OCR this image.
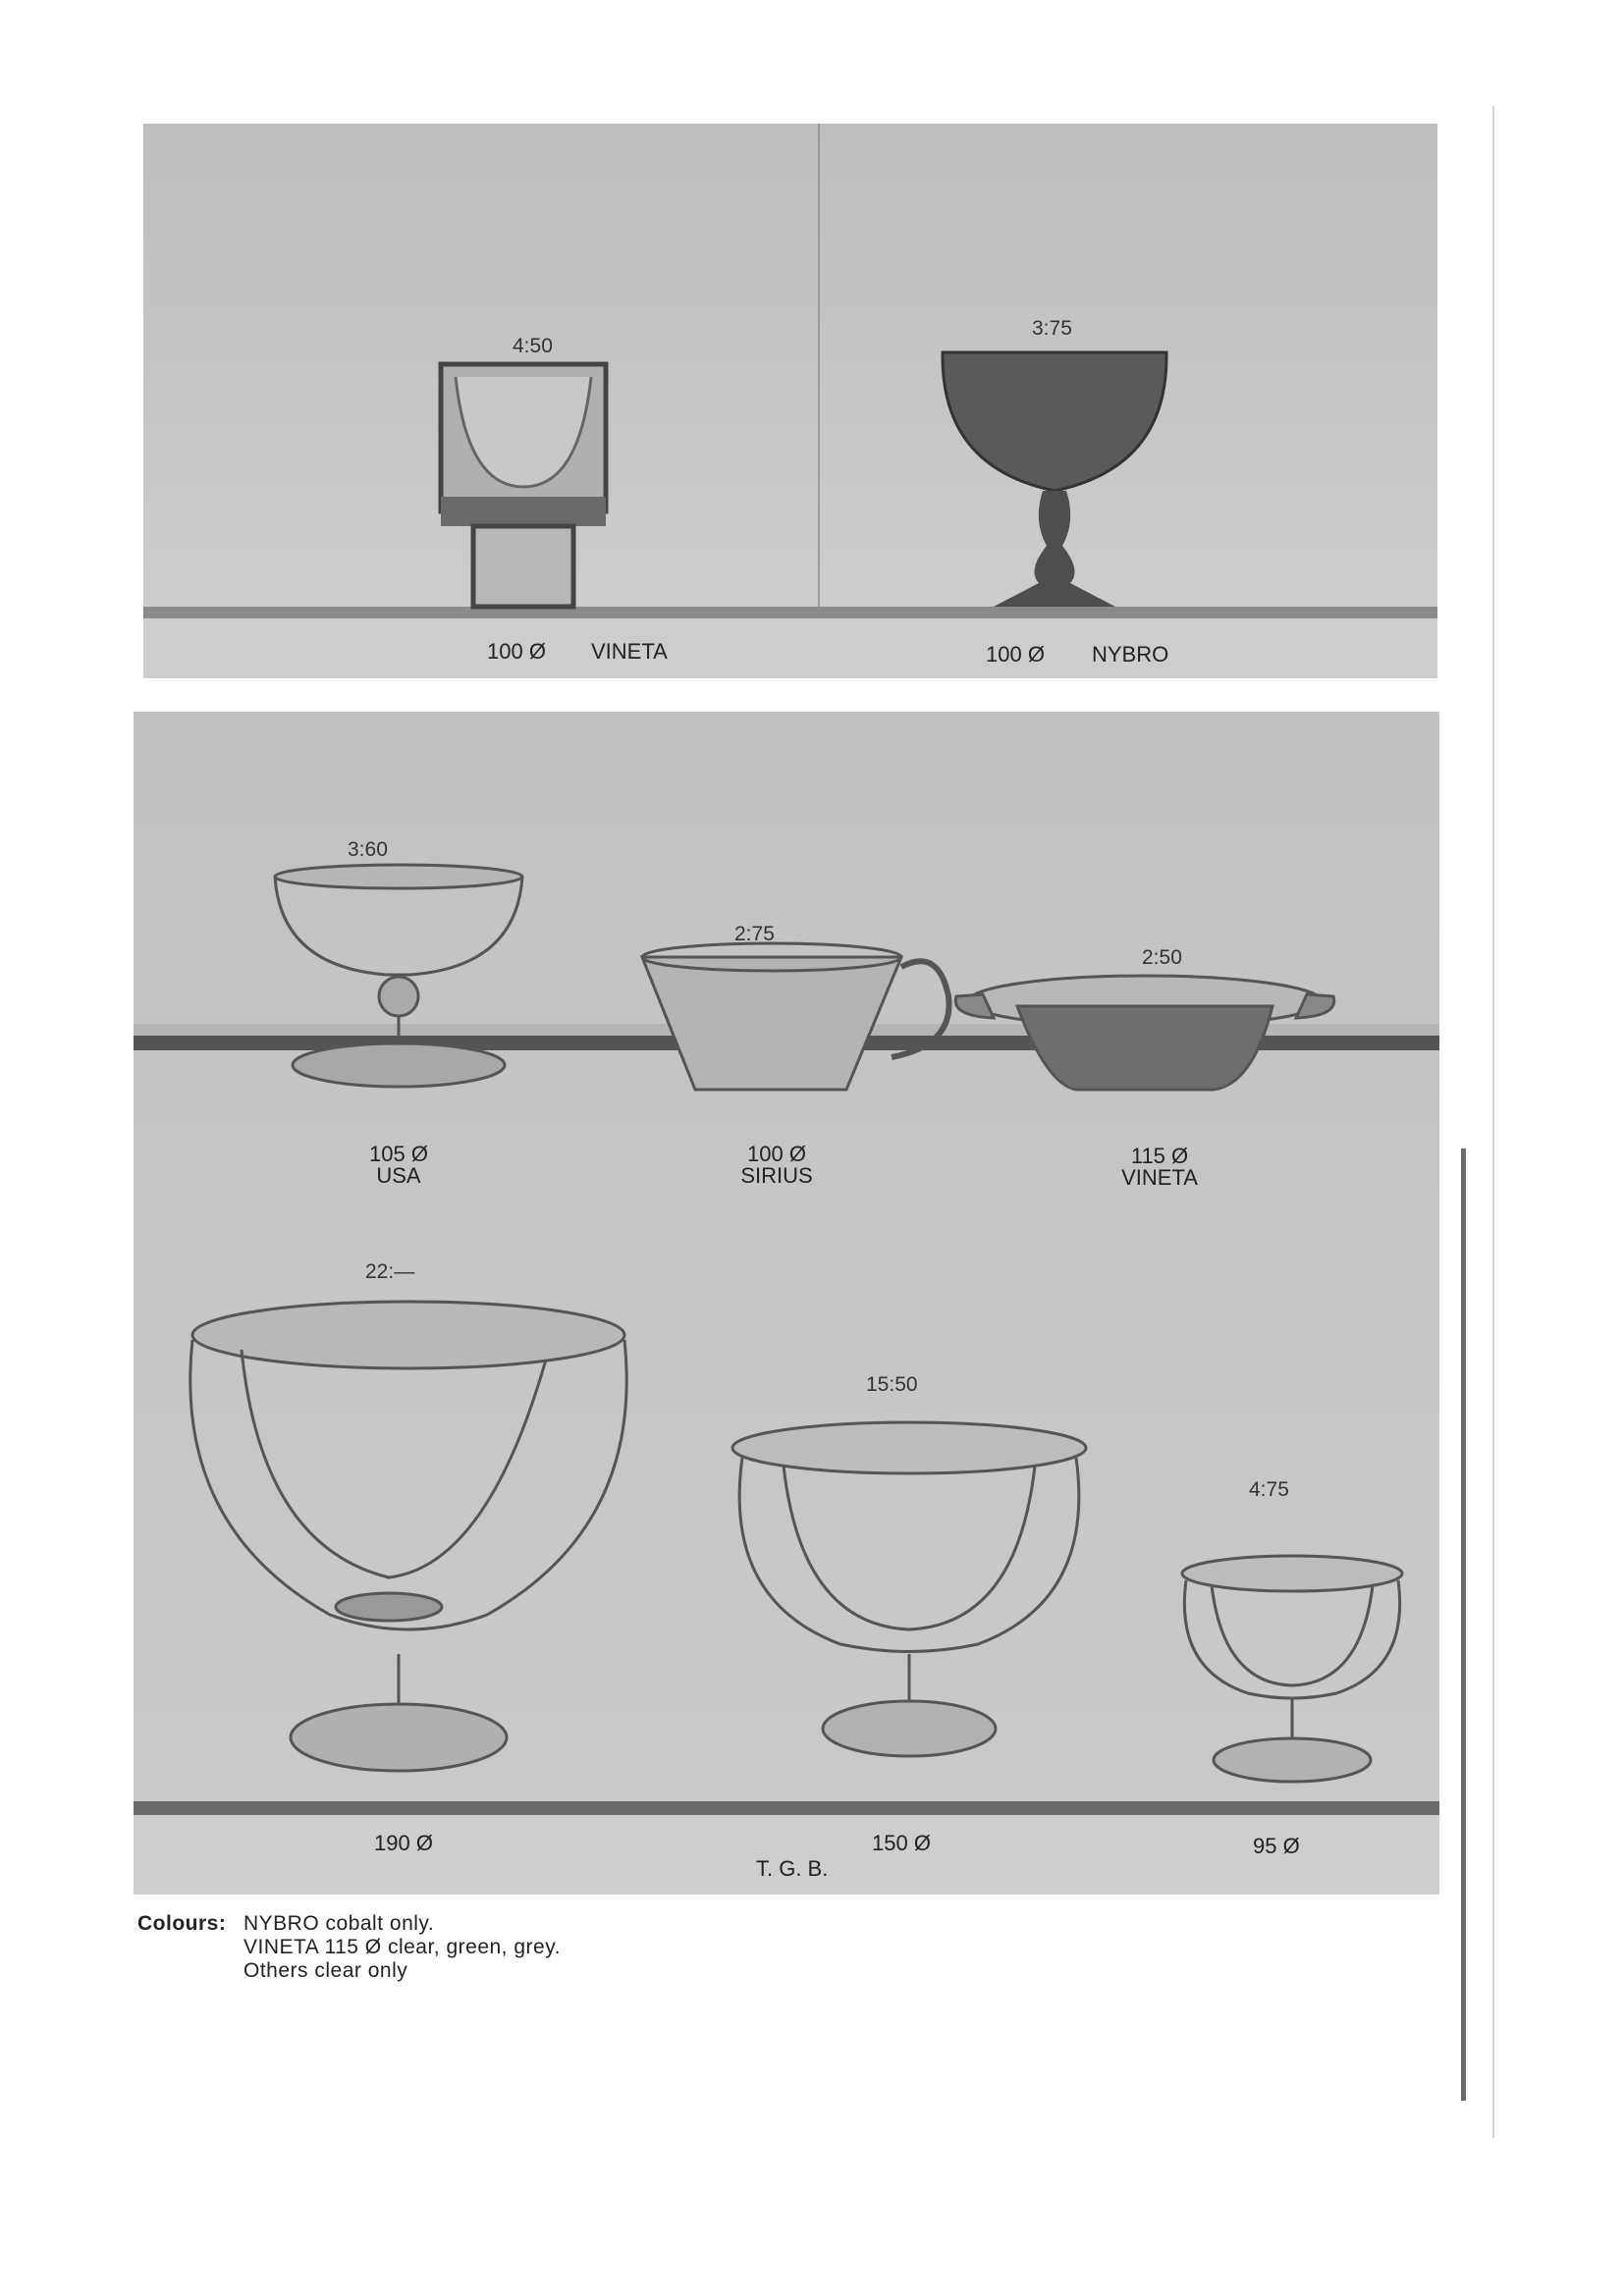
4:50
3:75
100 Ø VINETA	100 Ø NYBRO
3:60
2:75
2:50
105 Ø
USA
100 Ø
SIRIUS
115 Ø
VINETA
22:—
15:50
4:75
190 Ø	150 Ø	95 Ø
T. G. B.
Colours: NYBRO cobalt only.
VINETA 115 Ø clear, green, grey.
Others clear only
